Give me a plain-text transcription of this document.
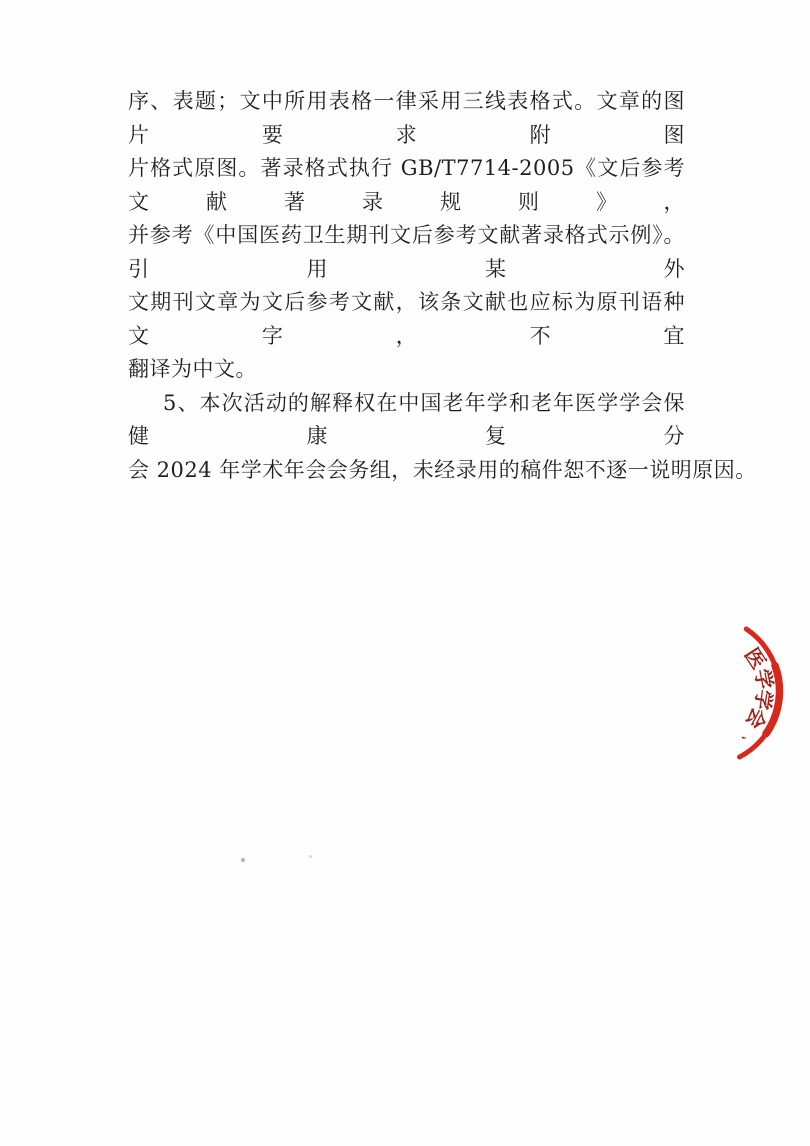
序、表题；文中所用表格一律采用三线表格式。文章的图片要求附图
片格式原图。著录格式执行 GB/T7714-2005《文后参考文献著录规则》，
并参考《中国医药卫生期刊文后参考文献著录格式示例》。引用某外
文期刊文章为文后参考文献，该条文献也应标为原刊语种文字，不宜
翻译为中文。
5、本次活动的解释权在中国老年学和老年医学学会保健康复分
会 2024 年学术年会会务组，未经录用的稿件恕不逐一说明原因。
医
学
学
会
、
